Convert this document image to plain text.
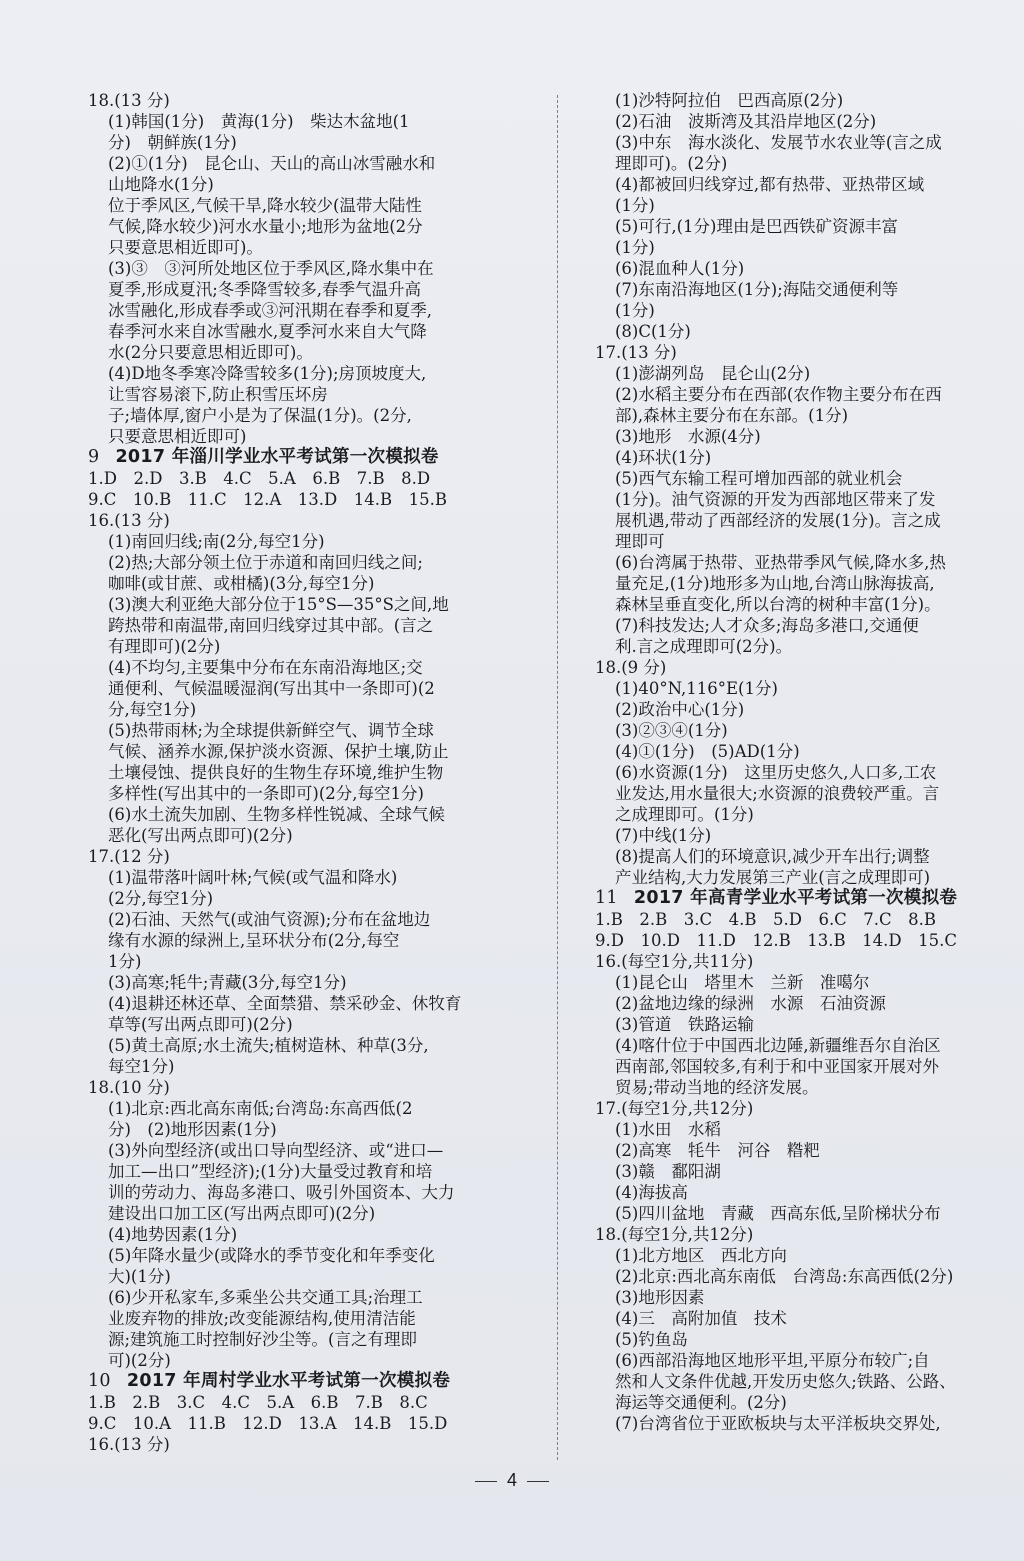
18.(13 分)
(1)韩国(1分)　黄海(1分)　柴达木盆地(1
分)　朝鲜族(1分)
(2)①(1分)　昆仑山、天山的高山冰雪融水和
山地降水(1分)
位于季风区,气候干旱,降水较少(温带大陆性
气候,降水较少)河水水量小;地形为盆地(2分
只要意思相近即可)。
(3)③　③河所处地区位于季风区,降水集中在
夏季,形成夏汛;冬季降雪较多,春季气温升高
冰雪融化,形成春季或③河汛期在春季和夏季,
春季河水来自冰雪融水,夏季河水来自大气降
水(2分只要意思相近即可)。
(4)D地冬季寒冷降雪较多(1分);房顶坡度大,
让雪容易滚下,防止积雪压坏房
子;墙体厚,窗户小是为了保温(1分)。(2分,
只要意思相近即可)
9 2017 年淄川学业水平考试第一次模拟卷
1.D　2.D　3.B　4.C　5.A　6.B　7.B　8.D
9.C　10.B　11.C　12.A　13.D　14.B　15.B
16.(13 分)
(1)南回归线;南(2分,每空1分)
(2)热;大部分领土位于赤道和南回归线之间;
咖啡(或甘蔗、或柑橘)(3分,每空1分)
(3)澳大利亚绝大部分位于15°S—35°S之间,地
跨热带和南温带,南回归线穿过其中部。(言之
有理即可)(2分)
(4)不均匀,主要集中分布在东南沿海地区;交
通便利、气候温暖湿润(写出其中一条即可)(2
分,每空1分)
(5)热带雨林;为全球提供新鲜空气、调节全球
气候、涵养水源,保护淡水资源、保护土壤,防止
土壤侵蚀、提供良好的生物生存环境,维护生物
多样性(写出其中的一条即可)(2分,每空1分)
(6)水土流失加剧、生物多样性锐减、全球气候
恶化(写出两点即可)(2分)
17.(12 分)
(1)温带落叶阔叶林;气候(或气温和降水)
(2分,每空1分)
(2)石油、天然气(或油气资源);分布在盆地边
缘有水源的绿洲上,呈环状分布(2分,每空
1分)
(3)高寒;牦牛;青藏(3分,每空1分)
(4)退耕还林还草、全面禁猎、禁采砂金、休牧育
草等(写出两点即可)(2分)
(5)黄土高原;水土流失;植树造林、种草(3分,
每空1分)
18.(10 分)
(1)北京:西北高东南低;台湾岛:东高西低(2
分)　(2)地形因素(1分)
(3)外向型经济(或出口导向型经济、或“进口—
加工—出口”型经济);(1分)大量受过教育和培
训的劳动力、海岛多港口、吸引外国资本、大力
建设出口加工区(写出两点即可)(2分)
(4)地势因素(1分)
(5)年降水量少(或降水的季节变化和年季变化
大)(1分)
(6)少开私家车,多乘坐公共交通工具;治理工
业废弃物的排放;改变能源结构,使用清洁能
源;建筑施工时控制好沙尘等。(言之有理即
可)(2分)
10 2017 年周村学业水平考试第一次模拟卷
1.B　2.B　3.C　4.C　5.A　6.B　7.B　8.C
9.C　10.A　11.B　12.D　13.A　14.B　15.D
16.(13 分)
(1)沙特阿拉伯　巴西高原(2分)
(2)石油　波斯湾及其沿岸地区(2分)
(3)中东　海水淡化、发展节水农业等(言之成
理即可)。(2分)
(4)都被回归线穿过,都有热带、亚热带区域
(1分)
(5)可行,(1分)理由是巴西铁矿资源丰富
(1分)
(6)混血种人(1分)
(7)东南沿海地区(1分);海陆交通便利等
(1分)
(8)C(1分)
17.(13 分)
(1)澎湖列岛　昆仑山(2分)
(2)水稻主要分布在西部(农作物主要分布在西
部),森林主要分布在东部。(1分)
(3)地形　水源(4分)
(4)环状(1分)
(5)西气东输工程可增加西部的就业机会
(1分)。油气资源的开发为西部地区带来了发
展机遇,带动了西部经济的发展(1分)。言之成
理即可
(6)台湾属于热带、亚热带季风气候,降水多,热
量充足,(1分)地形多为山地,台湾山脉海拔高,
森林呈垂直变化,所以台湾的树种丰富(1分)。
(7)科技发达;人才众多;海岛多港口,交通便
利.言之成理即可(2分)。
18.(9 分)
(1)40°N,116°E(1分)
(2)政治中心(1分)
(3)②③④(1分)
(4)①(1分)　(5)AD(1分)
(6)水资源(1分)　这里历史悠久,人口多,工农
业发达,用水量很大;水资源的浪费较严重。言
之成理即可。(1分)
(7)中线(1分)
(8)提高人们的环境意识,减少开车出行;调整
产业结构,大力发展第三产业(言之成理即可)
11 2017 年高青学业水平考试第一次模拟卷
1.B　2.B　3.C　4.B　5.D　6.C　7.C　8.B
9.D　10.D　11.D　12.B　13.B　14.D　15.C
16.(每空1分,共11分)
(1)昆仑山　塔里木　兰新　准噶尔
(2)盆地边缘的绿洲　水源　石油资源
(3)管道　铁路运输
(4)喀什位于中国西北边陲,新疆维吾尔自治区
西南部,邻国较多,有利于和中亚国家开展对外
贸易;带动当地的经济发展。
17.(每空1分,共12分)
(1)水田　水稻
(2)高寒　牦牛　河谷　糌粑
(3)赣　鄱阳湖
(4)海拔高
(5)四川盆地　青藏　西高东低,呈阶梯状分布
18.(每空1分,共12分)
(1)北方地区　西北方向
(2)北京:西北高东南低　台湾岛:东高西低(2分)
(3)地形因素
(4)三　高附加值　技术
(5)钓鱼岛
(6)西部沿海地区地形平坦,平原分布较广;自
然和人文条件优越,开发历史悠久;铁路、公路、
海运等交通便利。(2分)
(7)台湾省位于亚欧板块与太平洋板块交界处,
4
